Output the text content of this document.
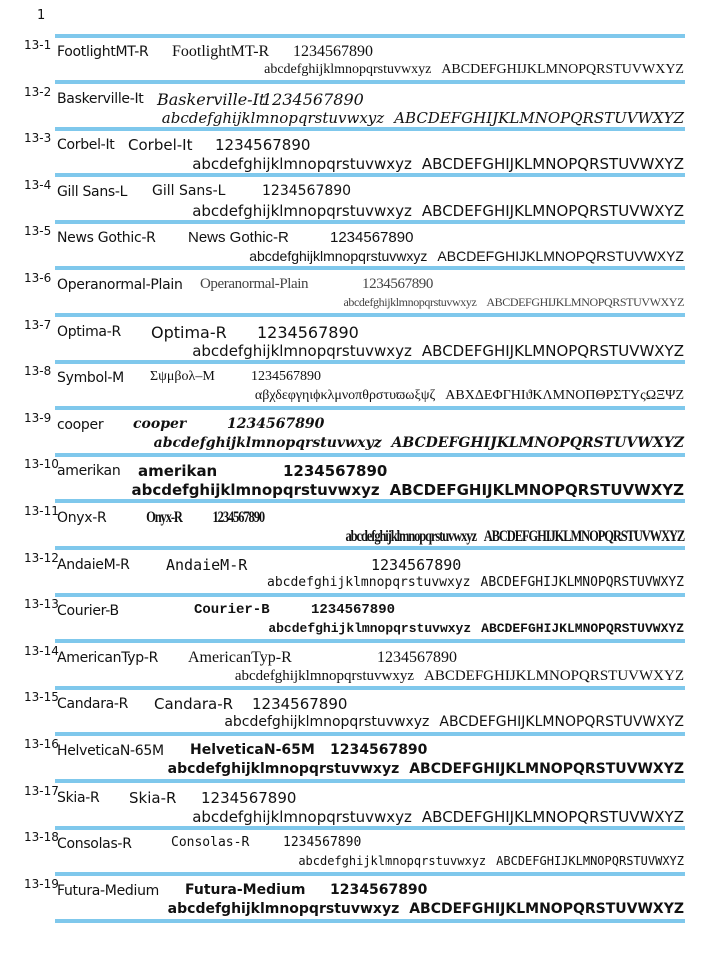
1
13-1 FootlightMT-R FootlightMT-R 1234567890
abcdefghijklmnopqrstuvwxyz ABCDEFGHIJKLMNOPQRSTUVWXYZ
13-2 Baskerville-It Baskerville-It
1234567890
abcdefghijklmnopqrstuvwxyz ABCDEFGHIJKLMNOPQRSTUVWXYZ
13-3 Corbel-It Corbel-It 1234567890
abcdefghijklmnopqrstuvwxyz ABCDEFGHIJKLMNOPQRSTUVWXYZ
13-4 Gill Sans-L Gill Sans-L	1234567890
abcdefghijklmnopqrstuvwxyz ABCDEFGHIJKLMNOPQRSTUVWXYZ
13-5 News Gothic-R News Gothic-R	1234567890
abcdefghijklmnopqrstuvwxyz ABCDEFGHIJKLMNOPQRSTUVWXYZ
13-6 Operanormal-Plain Operanormal-Plain	1234567890
abcdefghijklmnopqrstuvwxyz ABCDEFGHIJKLMNOPQRSTUVWXYZ
13-7 Optima-R Optima-R 1234567890
abcdefghijklmnopqrstuvwxyz ABCDEFGHIJKLMNOPQRSTUVWXYZ
13-8 Symbol-M Σψμβολ–Μ	1234567890
αβχδεφγηιϕκλμνοπθρστυϖωξψζ ΑΒΧΔΕΦΓΗΙϑΚΛΜΝΟΠΘΡΣΤΥςΩΞΨΖ
13-9 cooper cooper	1234567890
abcdefghijklmnopqrstuvwxyz ABCDEFGHIJKLMNOPQRSTUVWXYZ
13-10
amerikan amerikan	1234567890
abcdefghijklmnopqrstuvwxyz ABCDEFGHIJKLMNOPQRSTUVWXYZ
13-11
Onyx-R Onyx-R 1234567890
abcdefghijklmnopqrstuvwxyz ABCDEFGHIJKLMNOPQRSTUVWXYZ
13-12
AndaieM-R AndaieM-R	1234567890
abcdefghijklmnopqrstuvwxyz ABCDEFGHIJKLMNOPQRSTUVWXYZ
13-13
Courier-B	Courier-B	1234567890
abcdefghijklmnopqrstuvwxyz ABCDEFGHIJKLMNOPQRSTUVWXYZ
13-14
AmericanTyp-R AmericanTyp-R	1234567890
abcdefghijklmnopqrstuvwxyz ABCDEFGHIJKLMNOPQRSTUVWXYZ
13-15
Candara-R Candara-R 1234567890
abcdefghijklmnopqrstuvwxyz ABCDEFGHIJKLMNOPQRSTUVWXYZ
13-16
HelveticaN-65M HelveticaN-65M 1234567890
abcdefghijklmnopqrstuvwxyz ABCDEFGHIJKLMNOPQRSTUVWXYZ
13-17
Skia-R Skia-R 1234567890
abcdefghijklmnopqrstuvwxyz ABCDEFGHIJKLMNOPQRSTUVWXYZ
13-18
Consolas-R	Consolas-R	1234567890
abcdefghijklmnopqrstuvwxyz ABCDEFGHIJKLMNOPQRSTUVWXYZ
13-19
Futura-Medium Futura-Medium 1234567890
abcdefghijklmnopqrstuvwxyz ABCDEFGHIJKLMNOPQRSTUVWXYZ
